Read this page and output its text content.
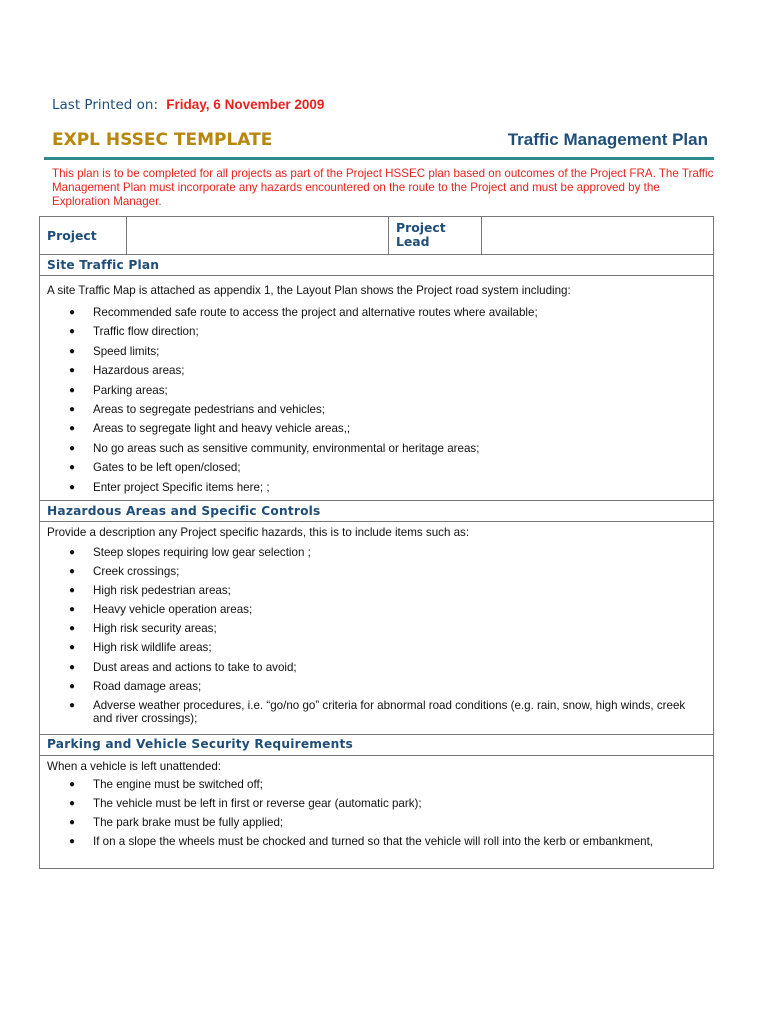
Last Printed on: Friday, 6 November 2009
EXPL HSSEC TEMPLATE	Traffic Management Plan
This plan is to be completed for all projects as part of the Project HSSEC plan based on outcomes of the Project FRA. The Traffic Management Plan must incorporate any hazards encountered on the route to the Project and must be approved by the Exploration Manager.
Project
Project
Lead
Site Traffic Plan
A site Traffic Map is attached as appendix 1, the Layout Plan shows the Project road system including:
● Recommended safe route to access the project and alternative routes where available;
● Traffic flow direction;
● Speed limits;
● Hazardous areas;
● Parking areas;
● Areas to segregate pedestrians and vehicles;
● Areas to segregate light and heavy vehicle areas,;
● No go areas such as sensitive community, environmental or heritage areas;
● Gates to be left open/closed;
● Enter project Specific items here; ;
Hazardous Areas and Specific Controls
Provide a description any Project specific hazards, this is to include items such as:
● Steep slopes requiring low gear selection ;
● Creek crossings;
● High risk pedestrian areas;
● Heavy vehicle operation areas;
● High risk security areas;
● High risk wildlife areas;
● Dust areas and actions to take to avoid;
● Road damage areas;
● Adverse weather procedures, i.e. “go/no go” criteria for abnormal road conditions (e.g. rain, snow, high winds, creek and river crossings);
Parking and Vehicle Security Requirements
When a vehicle is left unattended:
● The engine must be switched off;
● The vehicle must be left in first or reverse gear (automatic park);
● The park brake must be fully applied;
● If on a slope the wheels must be chocked and turned so that the vehicle will roll into the kerb or embankment,
